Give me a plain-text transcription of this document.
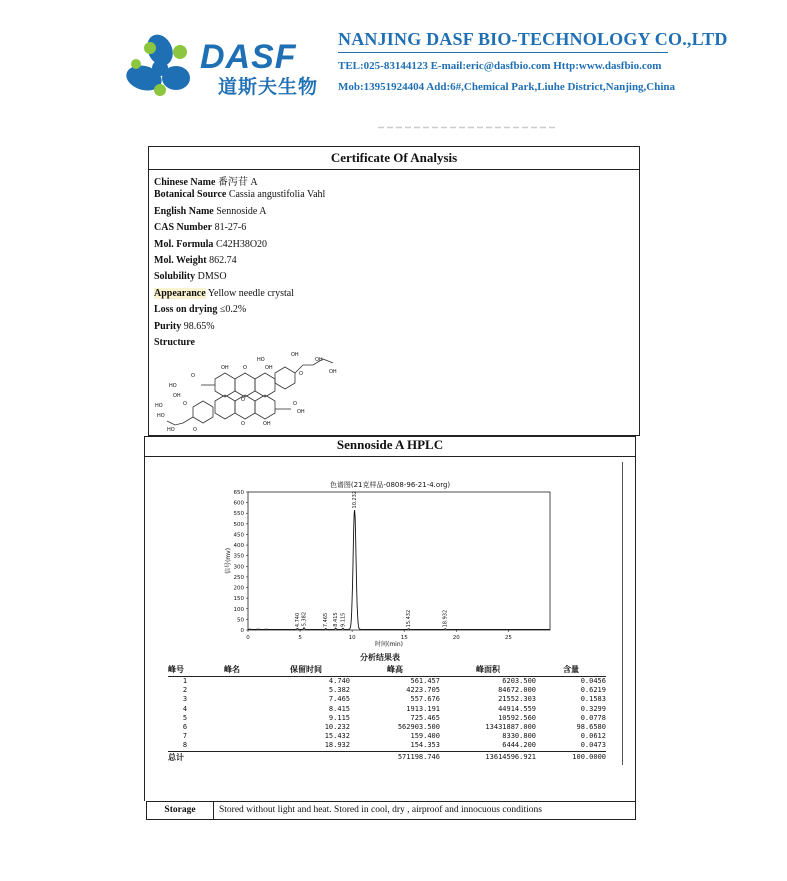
DASF
道斯夫生物
NANJING DASF BIO-TECHNOLOGY CO.,LTD
TEL:025-83144123 E-mail:eric@dasfbio.com Http:www.dasfbio.com
Mob:13951924404 Add:6#,Chemical Park,Liuhe District,Nanjing,China
Certificate Of Analysis
Chinese Name 番泻苷 A
Botanical Source Cassia angustifolia Vahl
English Name Sennoside A
CAS Number 81-27-6
Mol. Formula C42H38O20
Mol. Weight 862.74
Solubility DMSO
Appearance Yellow needle crystal
Loss on drying ≤0.2%
Purity 98.65%
Structure
HO
OH
OH
OH
O
HO
O
OH	O	OH
O
O
OH
O	OH
HO	O
OH
HO
HO	O
Sennoside A HPLC
色谱图(21克样品-0808-96-21-4.org)
0
50
100
150
200
250
300
350
400
450
500
550
600
650
0	5	10	15	20	25
4.740 5.382	7.465 8.415 9.115
10.232
15.432	18.932
时间(min)
信号(mv)
分析结果表
峰号	峰名	保留时间	峰高	峰面积	含量
1		4.740	561.457	6203.500	0.0456
2		5.382	4223.705	84672.000	0.6219
3		7.465	557.676	21552.303	0.1583
4		8.415	1913.191	44914.559	0.3299
5		9.115	725.465	10592.560	0.0778
6		10.232	562903.500	13431887.000	98.6580
7		15.432	159.400	8330.800	0.0612
8		18.932	154.353	6444.200	0.0473
总计			571198.746	13614596.921	100.0000
Storage	Stored without light and heat. Stored in cool, dry , airproof and innocuous conditions
